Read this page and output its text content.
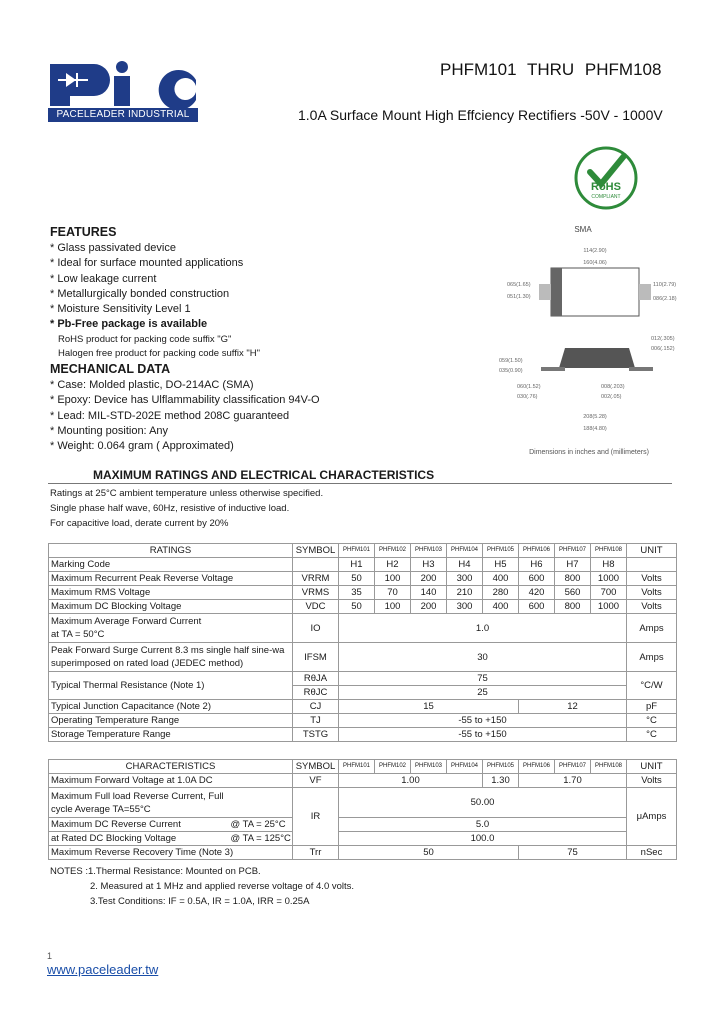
PACELEADER INDUSTRIAL
PHFM101 THRU PHFM108
1.0A Surface Mount High Effciency Rectifiers -50V - 1000V
RoHS
COMPLIANT
FEATURES
* Glass passivated device
* Ideal for surface mounted applications
* Low leakage current
* Metallurgically bonded construction
* Moisture Sensitivity Level 1
* Pb-Free package is available
RoHS product for packing code suffix "G"
Halogen free product for packing code suffix "H"
MECHANICAL DATA
* Case: Molded plastic, DO-214AC (SMA)
* Epoxy: Device has Ulflammability classification 94V-O
* Lead: MIL-STD-202E method 208C guaranteed
* Mounting position: Any
* Weight: 0.064 gram ( Approximated)
SMA
114(2.90)
160(4.06)
065(1.65)
051(1.30)
110(2.79)
086(2.18)
012(.305)
006(.152)
059(1.50)
035(0.90)
060(1.52)
030(.76)
008(.203)
002(.05)
208(5.28)
188(4.80)
Dimensions in inches and (millimeters)
MAXIMUM RATINGS AND ELECTRICAL CHARACTERISTICS
Ratings at 25°C ambient temperature unless otherwise specified.
Single phase half wave, 60Hz, resistive of inductive load.
For capacitive load, derate current by 20%
RATINGS	SYMBOL	PHFM101	PHFM102	PHFM103	PHFM104	PHFM105	PHFM106	PHFM107	PHFM108	UNIT
Marking Code		H1	H2	H3	H4	H5	H6	H7	H8	
Maximum Recurrent Peak Reverse Voltage	VRRM	50	100	200	300	400	600	800	1000	Volts
Maximum RMS Voltage	VRMS	35	70	140	210	280	420	560	700	Volts
Maximum DC Blocking Voltage	VDC	50	100	200	300	400	600	800	1000	Volts

Maximum Average Forward Current
at TA = 50°C	IO	1.0								Amps

Peak Forward Surge Current 8.3 ms single half sine-wa
superimposed on rated load (JEDEC method)	IFSM	30								Amps
Typical Thermal Resistance (Note 1)	RθJA	75								°C/W
	RθJC	25								
Typical Junction Capacitance (Note 2)	CJ	15					12			pF
Operating Temperature Range	TJ	-55 to +150								°C
Storage Temperature Range	TSTG	-55 to +150								°C
CHARACTERISTICS	SYMBOL	PHFM101	PHFM102	PHFM103	PHFM104	PHFM105	PHFM106	PHFM107	PHFM108	UNIT
Maximum Forward Voltage at 1.0A DC	VF	1.00				1.30	1.70			Volts

Maximum Full load Reverse Current, Full
cycle Average TA=55°C	IR	50.00								μAmps
Maximum DC Reverse Current @ TA = 25°C		5.0								
at Rated DC Blocking Voltage @ TA = 125°C		100.0								
Maximum Reverse Recovery Time (Note 3)	Trr	50					75			nSec
NOTES :1.Thermal Resistance: Mounted on PCB.
2. Measured at 1 MHz and applied reverse voltage of 4.0 volts.
3.Test Conditions: IF = 0.5A, IR = 1.0A, IRR = 0.25A
1
www.paceleader.tw
